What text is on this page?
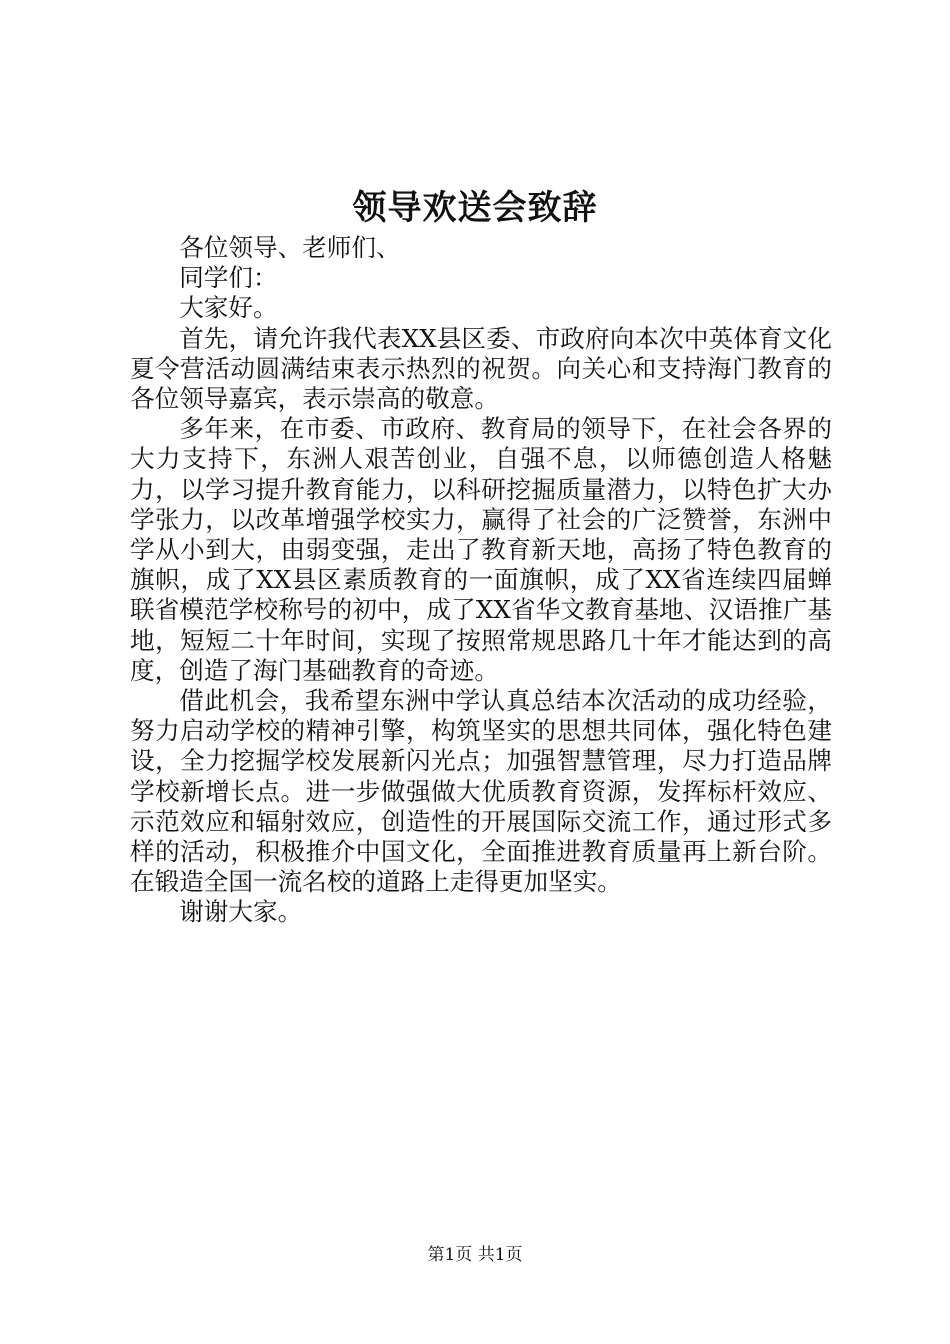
领导欢送会致辞

各位领导、老师们、

同学们：

大家好。

首先，请允许我代表XX县区委、市政府向本次中英体育文化夏令营活动圆满结束表示热烈的祝贺。向关心和支持海门教育的各位领导嘉宾，表示崇高的敬意。

多年来，在市委、市政府、教育局的领导下，在社会各界的大力支持下，东洲人艰苦创业，自强不息，以师德创造人格魅力，以学习提升教育能力，以科研挖掘质量潜力，以特色扩大办学张力，以改革增强学校实力，赢得了社会的广泛赞誉，东洲中学从小到大，由弱变强，走出了教育新天地，高扬了特色教育的旗帜，成了XX县区素质教育的一面旗帜，成了XX省连续四届蝉联省模范学校称号的初中，成了XX省华文教育基地、汉语推广基地，短短二十年时间，实现了按照常规思路几十年才能达到的高度，创造了海门基础教育的奇迹。

借此机会，我希望东洲中学认真总结本次活动的成功经验，努力启动学校的精神引擎，构筑坚实的思想共同体，强化特色建设，全力挖掘学校发展新闪光点；加强智慧管理，尽力打造品牌学校新增长点。进一步做强做大优质教育资源，发挥标杆效应、示范效应和辐射效应，创造性的开展国际交流工作，通过形式多样的活动，积极推介中国文化，全面推进教育质量再上新台阶。在锻造全国一流名校的道路上走得更加坚实。

谢谢大家。

第1页 共1页
